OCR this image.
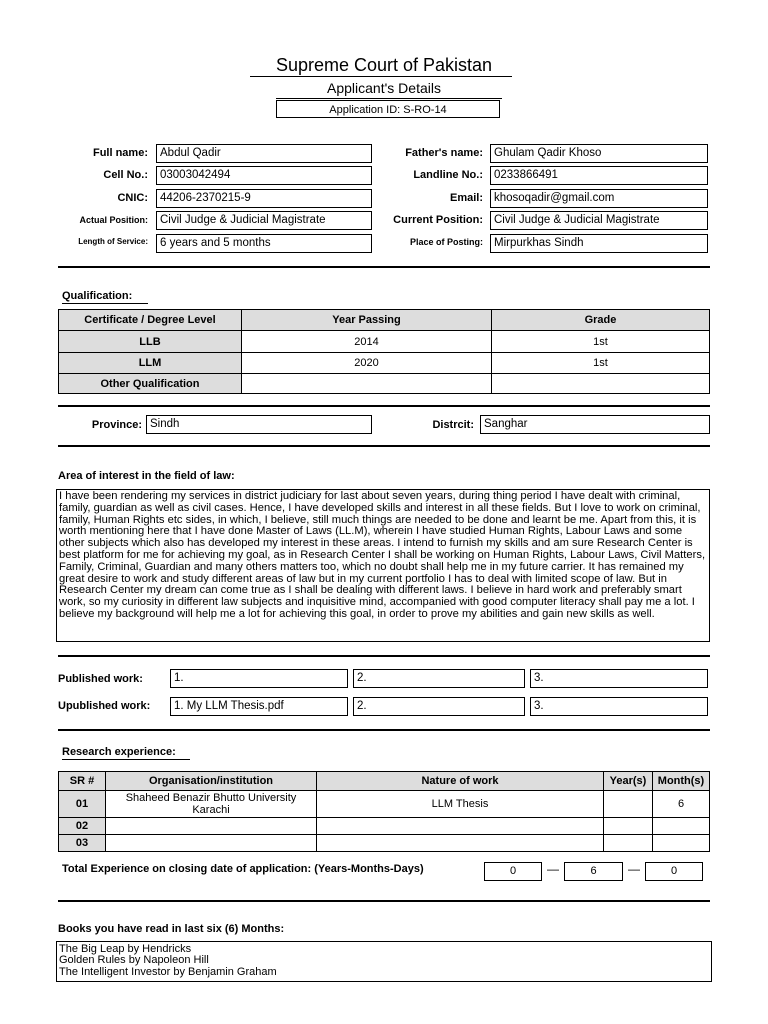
Supreme Court of Pakistan
Applicant's Details
Application ID: S-RO-14
Full name:	Abdul Qadir	Father's name: Ghulam Qadir Khoso
Cell No.:	03003042494	Landline No.: 0233866491
CNIC:	44206-2370215-9	Email: khosoqadir@gmail.com
Actual Position:	Civil Judge & Judicial Magistrate	Current Position: Civil Judge & Judicial Magistrate
Length of Service:	6 years and 5 months	Place of Posting: Mirpurkhas Sindh
Qualification:
Certificate / Degree Level	Year Passing	Grade
LLB	2014	1st
LLM	2020	1st
Other Qualification		
Province: Sindh	Distrcit: Sanghar
Area of interest in the field of law:
I have been rendering my services in district judiciary for last about seven years, during thing period I have dealt with criminal, family, guardian as well as civil cases. Hence, I have developed skills and interest in all these fields. But I love to work on criminal, family, Human Rights etc sides, in which, I believe, still much things are needed to be done and learnt be me. Apart from this, it is worth mentioning here that I have done Master of Laws (LL.M), wherein I have studied Human Rights, Labour Laws and some other subjects which also has developed my interest in these areas. I intend to furnish my skills and am sure Research Center is best platform for me for achieving my goal, as in Research Center I shall be working on Human Rights, Labour Laws, Civil Matters, Family, Criminal, Guardian and many others matters too, which no doubt shall help me in my future carrier. It has remained my great desire to work and study different areas of law but in my current portfolio I has to deal with limited scope of law. But in Research Center my dream can come true as I shall be dealing with different laws. I believe in hard work and preferably smart work, so my curiosity in different law subjects and inquisitive mind, accompanied with good computer literacy shall pay me a lot. I believe my background will help me a lot for achieving this goal, in order to prove my abilities and gain new skills as well.
Published work:	1.	2.	3.
Upublished work:	1. My LLM Thesis.pdf	2.	3.
Research experience:
SR #	Organisation/institution	Nature of work	Year(s)	Month(s)
01	Shaheed Benazir Bhutto University Karachi	LLM Thesis		6
02				
03				
Total Experience on closing date of application: (Years-Months-Days)	0	—	6	—	0
Books you have read in last six (6) Months:
The Big Leap by Hendricks
Golden Rules by Napoleon Hill
The Intelligent Investor by Benjamin Graham
